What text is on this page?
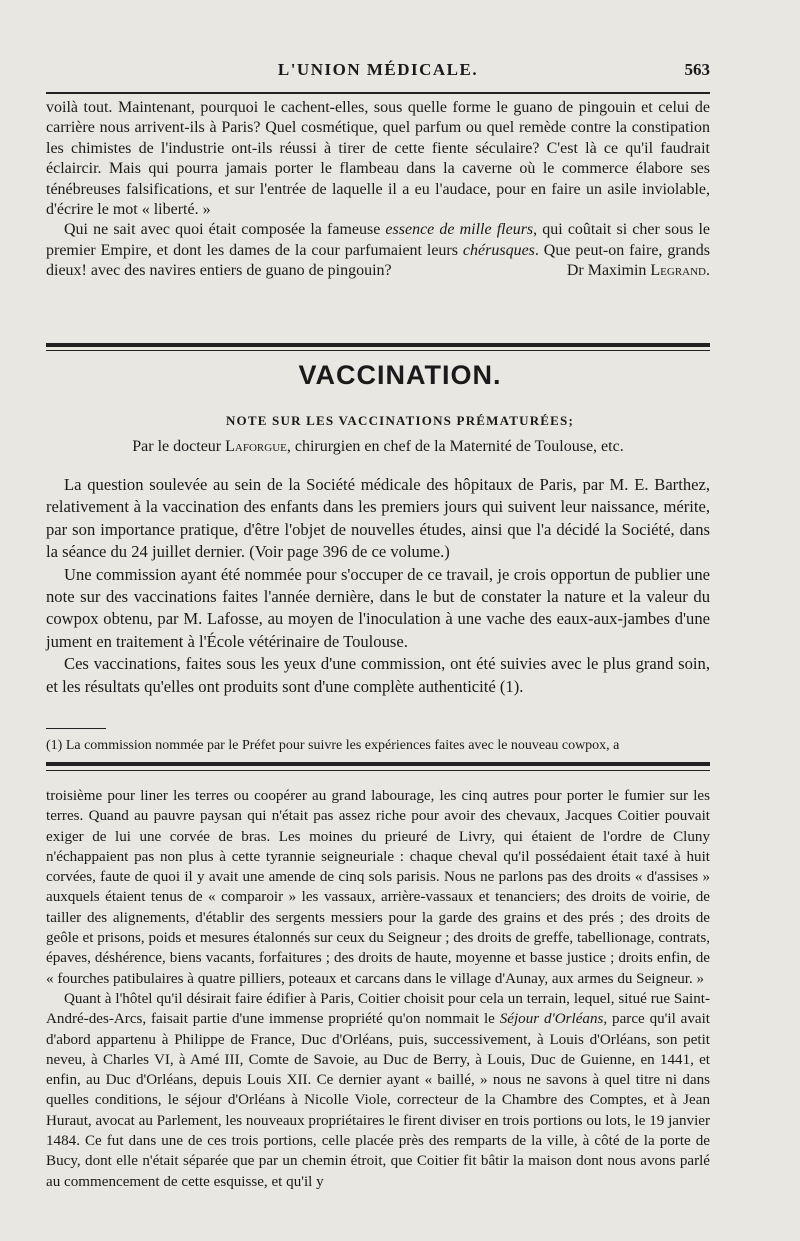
L'UNION MÉDICALE.	563

voilà tout. Maintenant, pourquoi le cachent-elles, sous quelle forme le guano de pingouin et celui de carrière nous arrivent-ils à Paris? Quel cosmétique, quel parfum ou quel remède contre la constipation les chimistes de l'industrie ont-ils réussi à tirer de cette fiente séculaire? C'est là ce qu'il faudrait éclaircir. Mais qui pourra jamais porter le flambeau dans la caverne où le commerce élabore ses ténébreuses falsifications, et sur l'entrée de laquelle il a eu l'audace, pour en faire un asile inviolable, d'écrire le mot « liberté. »

Qui ne sait avec quoi était composée la fameuse essence de mille fleurs, qui coûtait si cher sous le premier Empire, et dont les dames de la cour parfumaient leurs chérusques. Que peut-on faire, grands dieux! avec des navires entiers de guano de pingouin?	Dr Maximin Legrand.

VACCINATION.
NOTE SUR LES VACCINATIONS PRÉMATURÉES;
Par le docteur Laforgue, chirurgien en chef de la Maternité de Toulouse, etc.

La question soulevée au sein de la Société médicale des hôpitaux de Paris, par M. E. Barthez, relativement à la vaccination des enfants dans les premiers jours qui suivent leur naissance, mérite, par son importance pratique, d'être l'objet de nouvelles études, ainsi que l'a décidé la Société, dans la séance du 24 juillet dernier. (Voir page 396 de ce volume.)

Une commission ayant été nommée pour s'occuper de ce travail, je crois opportun de publier une note sur des vaccinations faites l'année dernière, dans le but de constater la nature et la valeur du cowpox obtenu, par M. Lafosse, au moyen de l'inoculation à une vache des eaux-aux-jambes d'une jument en traitement à l'École vétérinaire de Toulouse.

Ces vaccinations, faites sous les yeux d'une commission, ont été suivies avec le plus grand soin, et les résultats qu'elles ont produits sont d'une complète authenticité (1).

(1) La commission nommée par le Préfet pour suivre les expériences faites avec le nouveau cowpox, a

troisième pour liner les terres ou coopérer au grand labourage, les cinq autres pour porter le fumier sur les terres. Quand au pauvre paysan qui n'était pas assez riche pour avoir des chevaux, Jacques Coitier pouvait exiger de lui une corvée de bras. Les moines du prieuré de Livry, qui étaient de l'ordre de Cluny n'échappaient pas non plus à cette tyrannie seigneuriale : chaque cheval qu'il possédaient était taxé à huit corvées, faute de quoi il y avait une amende de cinq sols parisis. Nous ne parlons pas des droits « d'assises » auxquels étaient tenus de « comparoir » les vassaux, arrière-vassaux et tenanciers; des droits de voirie, de tailler des alignements, d'établir des sergents messiers pour la garde des grains et des prés ; des droits de geôle et prisons, poids et mesures étalonnés sur ceux du Seigneur ; des droits de greffe, tabellionage, contrats, épaves, déshérence, biens vacants, forfaitures ; des droits de haute, moyenne et basse justice ; droits enfin, de « fourches patibulaires à quatre pilliers, poteaux et carcans dans le village d'Aunay, aux armes du Seigneur. »

Quant à l'hôtel qu'il désirait faire édifier à Paris, Coitier choisit pour cela un terrain, lequel, situé rue Saint-André-des-Arcs, faisait partie d'une immense propriété qu'on nommait le Séjour d'Orléans, parce qu'il avait d'abord appartenu à Philippe de France, Duc d'Orléans, puis, successivement, à Louis d'Orléans, son petit neveu, à Charles VI, à Amé III, Comte de Savoie, au Duc de Berry, à Louis, Duc de Guienne, en 1441, et enfin, au Duc d'Orléans, depuis Louis XII. Ce dernier ayant « baillé, » nous ne savons à quel titre ni dans quelles conditions, le séjour d'Orléans à Nicolle Viole, correcteur de la Chambre des Comptes, et à Jean Huraut, avocat au Parlement, les nouveaux propriétaires le firent diviser en trois portions ou lots, le 19 janvier 1484. Ce fut dans une de ces trois portions, celle placée près des remparts de la ville, à côté de la porte de Bucy, dont elle n'était séparée que par un chemin étroit, que Coitier fit bâtir la maison dont nous avons parlé au commencement de cette esquisse, et qu'il y
